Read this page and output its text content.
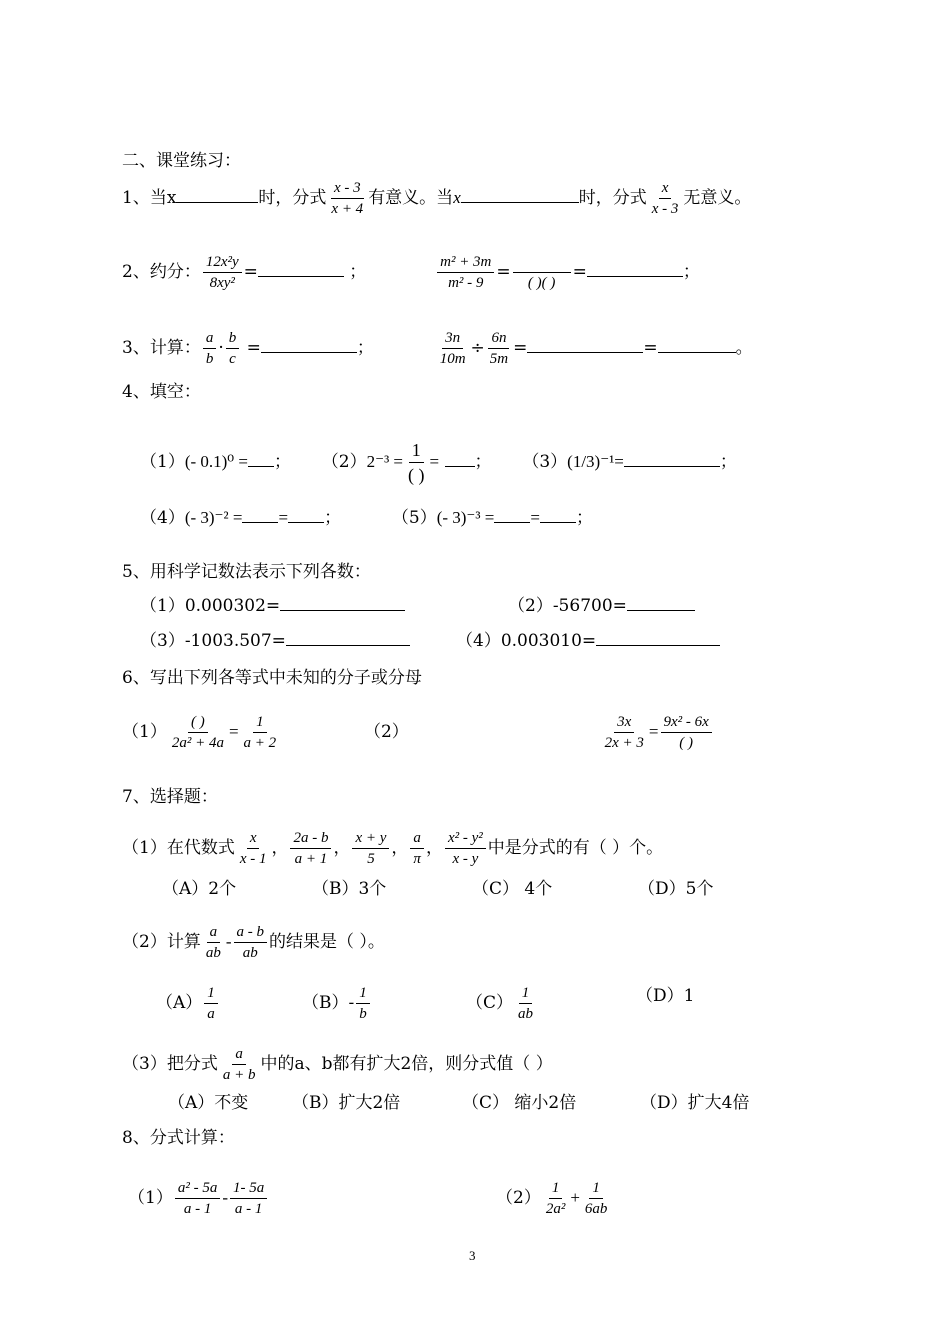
二、课堂练习：
1、当x	时，分式 $\frac{x - 3}{x + 4}$ 有意义。当x	时，分式 $\frac{x}{x - 3}$ 无意义。
2、约分： $\frac{\text{12x²y}}{\text{8xy²}}$ =	；	$\frac{\text{m² + 3m}}{\text{m² - 9}}$ =

( )( )
=	；
3、计算： $\frac{a}{b} \cdot \frac{b}{c}$ =	；	$\frac{3n}{10m} \div \frac{6n}{5m}$ =	=	。
4、填空：
（1）(- 0.1)⁰ = ；  （2）2⁻³ =
1
( )
= ；  （3）(1/3)⁻¹=	；
（4）(- 3)⁻² = = ；	（5）(- 3)⁻³ = = ；
5、用科学记数法表示下列各数：
（1）0.000302=	（2）-56700=
（3）-1003.507=	（4）0.003010=
6、写出下列各等式中未知的分子或分母
（1） ( )
2a² + 4a
= $\frac{1}{a + 2}$	（2）	$\frac{3x}{2x + 3} = 9x^2 - 6x$
( )
7、选择题：
（1）在代数式 $\frac{x}{x - 1}$ ， $\frac{2a - b}{a + 1}$ ， $\frac{x + y}{5}$ ， $\frac{a}{\pi}$ ， $\frac{\text{x² - y²}}{x - y}$ 中是分式的有（ ）个。
（A）2个	（B）3个	（C） 4个	（D）5个
（2）计算 $\frac{a}{ab} - \frac{a - b}{ab}$ 的结果是（ ）。
$(A) \frac{1}{a}$	$(B)- \frac{1}{b}$	$(C) \frac{1}{ab}$	（D）1
（3）把分式 $\frac{a}{a + b}$ 中的a、b都有扩大2倍，则分式值（ ）
（A）不变	（B）扩大2倍	（C） 缩小2倍	（D）扩大4倍
8、分式计算：
$(1) \frac{\text{a² - 5a}}{a - 1} - \frac{1- 5a}{a - 1}$	$(2) \frac{1}{\text{2a²}} + \frac{1}{6ab}$
3
